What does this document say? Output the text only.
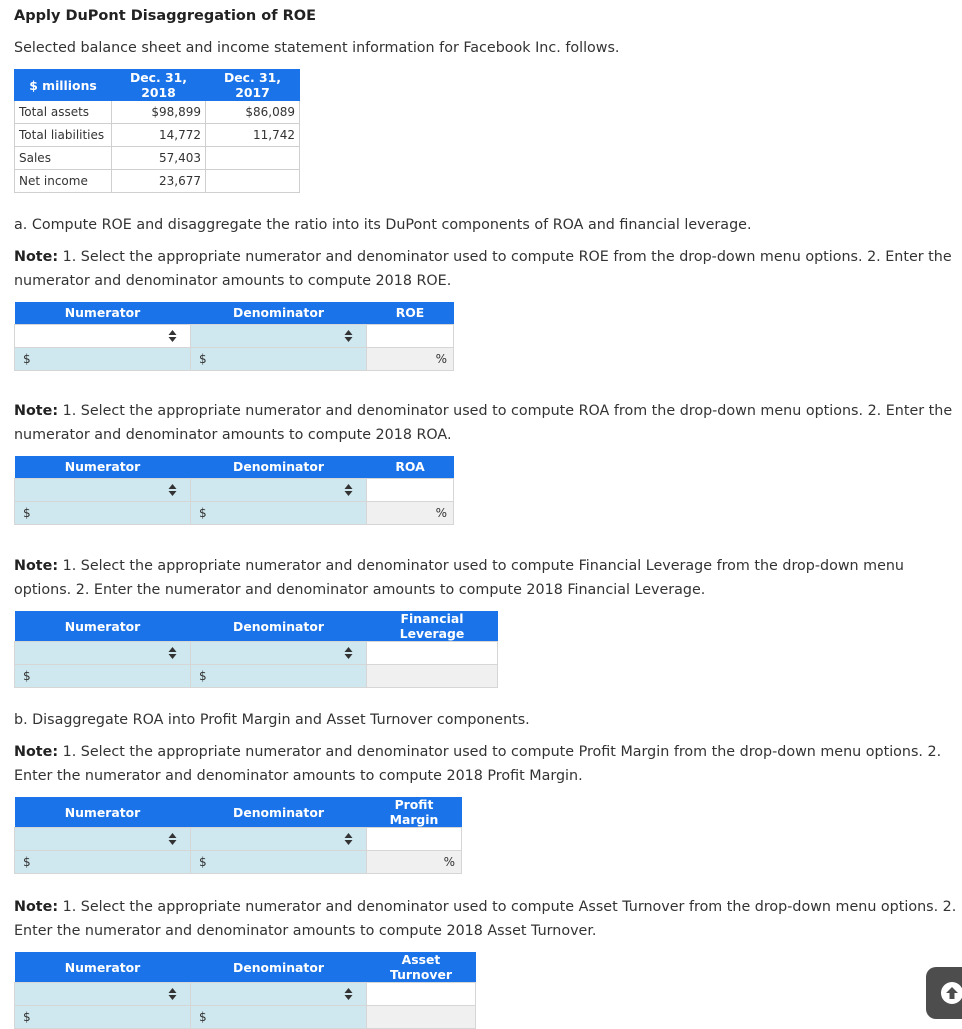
Apply DuPont Disaggregation of ROE
Selected balance sheet and income statement information for Facebook Inc. follows.
$ millions	Dec. 31, 2018	Dec. 31, 2017
Total assets	$98,899	$86,089
Total liabilities	14,772	11,742
Sales	57,403	
Net income	23,677	
a. Compute ROE and disaggregate the ratio into its DuPont components of ROA and financial leverage.
Note: 1. Select the appropriate numerator and denominator used to compute ROE from the drop-down menu options. 2. Enter the numerator and denominator amounts to compute 2018 ROE.
Numerator	Denominator	ROE

$	$	%
Note: 1. Select the appropriate numerator and denominator used to compute ROA from the drop-down menu options. 2. Enter the numerator and denominator amounts to compute 2018 ROA.
Numerator	Denominator	ROA

$	$	%
Note: 1. Select the appropriate numerator and denominator used to compute Financial Leverage from the drop-down menu options. 2. Enter the numerator and denominator amounts to compute 2018 Financial Leverage.
Numerator	Denominator	Financial Leverage

$	$	

b. Disaggregate ROA into Profit Margin and Asset Turnover components.
Note: 1. Select the appropriate numerator and denominator used to compute Profit Margin from the drop-down menu options. 2. Enter the numerator and denominator amounts to compute 2018 Profit Margin.
Numerator	Denominator	Profit Margin

$	$	%
Note: 1. Select the appropriate numerator and denominator used to compute Asset Turnover from the drop-down menu options. 2. Enter the numerator and denominator amounts to compute 2018 Asset Turnover.
Numerator	Denominator	Asset Turnover

$	$	
